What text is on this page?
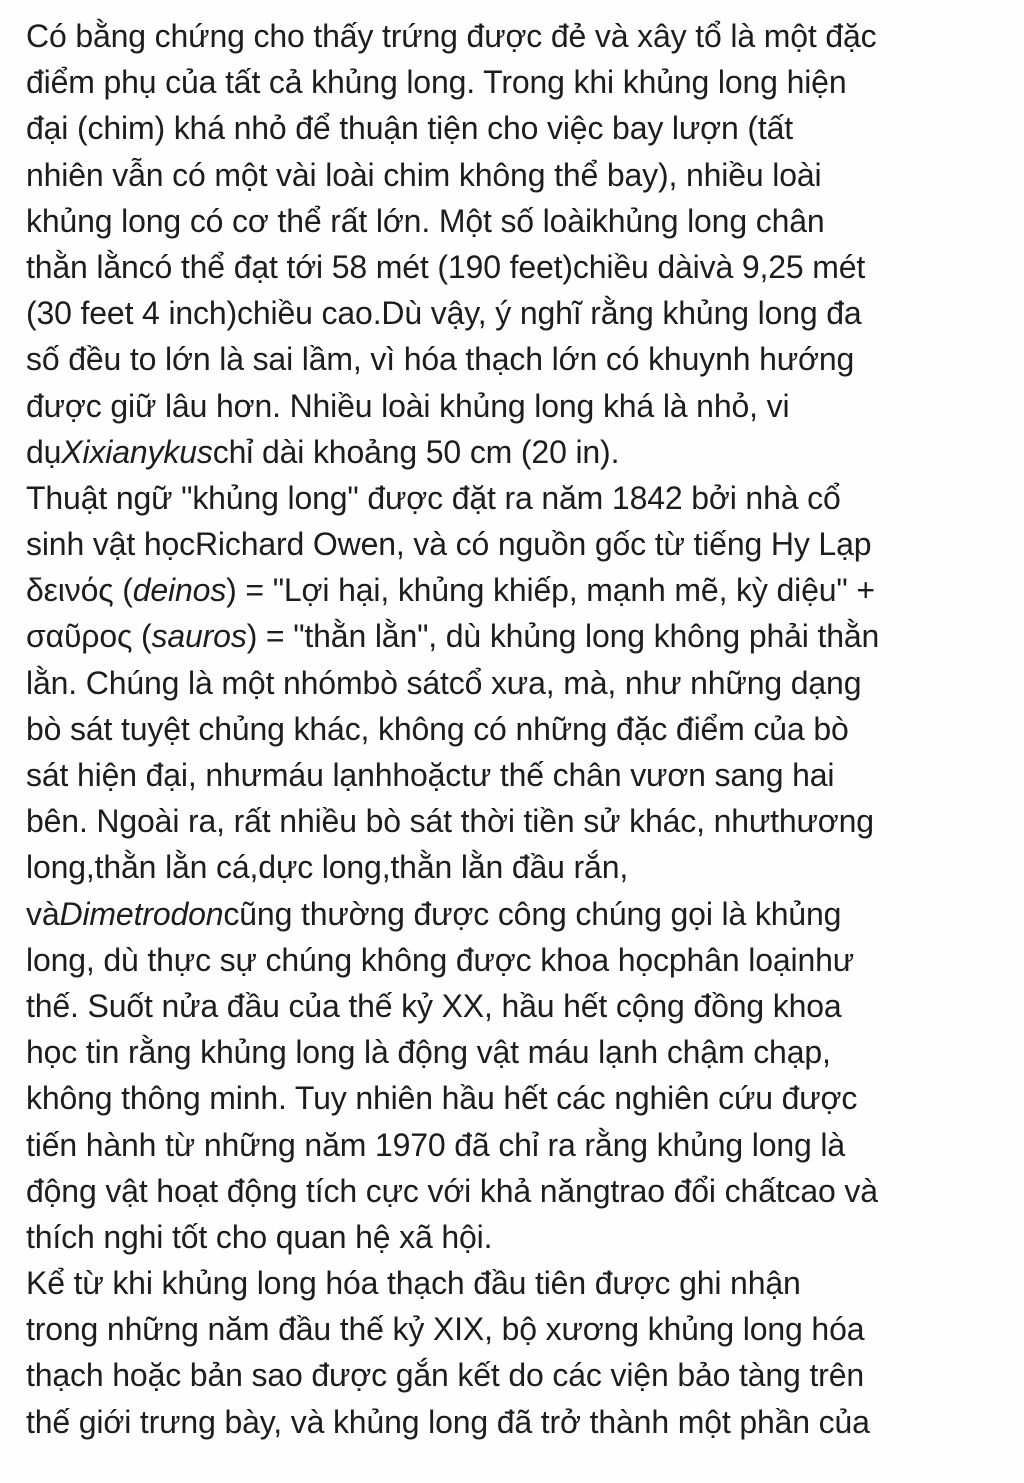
Có bằng chứng cho thấy trứng được đẻ và xây tổ là một đặc
điểm phụ của tất cả khủng long. Trong khi khủng long hiện
đại (chim) khá nhỏ để thuận tiện cho việc bay lượn (tất
nhiên vẫn có một vài loài chim không thể bay), nhiều loài
khủng long có cơ thể rất lớn. Một số loàikhủng long chân
thằn lằncó thể đạt tới 58 mét (190 feet)chiều dàivà 9,25 mét
(30 feet 4 inch)chiều cao.Dù vậy, ý nghĩ rằng khủng long đa
số đều to lớn là sai lầm, vì hóa thạch lớn có khuynh hướng
được giữ lâu hơn. Nhiều loài khủng long khá là nhỏ, vi
dụXixianykuschỉ dài khoảng 50 cm (20 in).
Thuật ngữ "khủng long" được đặt ra năm 1842 bởi nhà cổ
sinh vật họcRichard Owen, và có nguồn gốc từ tiếng Hy Lạp
δεινός (deinos) = "Lợi hại, khủng khiếp, mạnh mẽ, kỳ diệu" +
σαῦρος (sauros) = "thằn lằn", dù khủng long không phải thằn
lằn. Chúng là một nhómbò sátcổ xưa, mà, như những dạng
bò sát tuyệt chủng khác, không có những đặc điểm của bò
sát hiện đại, nhưmáu lạnhhoặctư thế chân vươn sang hai
bên. Ngoài ra, rất nhiều bò sát thời tiền sử khác, nhưthương
long,thằn lằn cá,dực long,thằn lằn đầu rắn,
vàDimetrodoncũng thường được công chúng gọi là khủng
long, dù thực sự chúng không được khoa họcphân loạinhư
thế. Suốt nửa đầu của thế kỷ XX, hầu hết cộng đồng khoa
học tin rằng khủng long là động vật máu lạnh chậm chạp,
không thông minh. Tuy nhiên hầu hết các nghiên cứu được
tiến hành từ những năm 1970 đã chỉ ra rằng khủng long là
động vật hoạt động tích cực với khả năngtrao đổi chấtcao và
thích nghi tốt cho quan hệ xã hội.
Kể từ khi khủng long hóa thạch đầu tiên được ghi nhận
trong những năm đầu thế kỷ XIX, bộ xương khủng long hóa
thạch hoặc bản sao được gắn kết do các viện bảo tàng trên
thế giới trưng bày, và khủng long đã trở thành một phần của
